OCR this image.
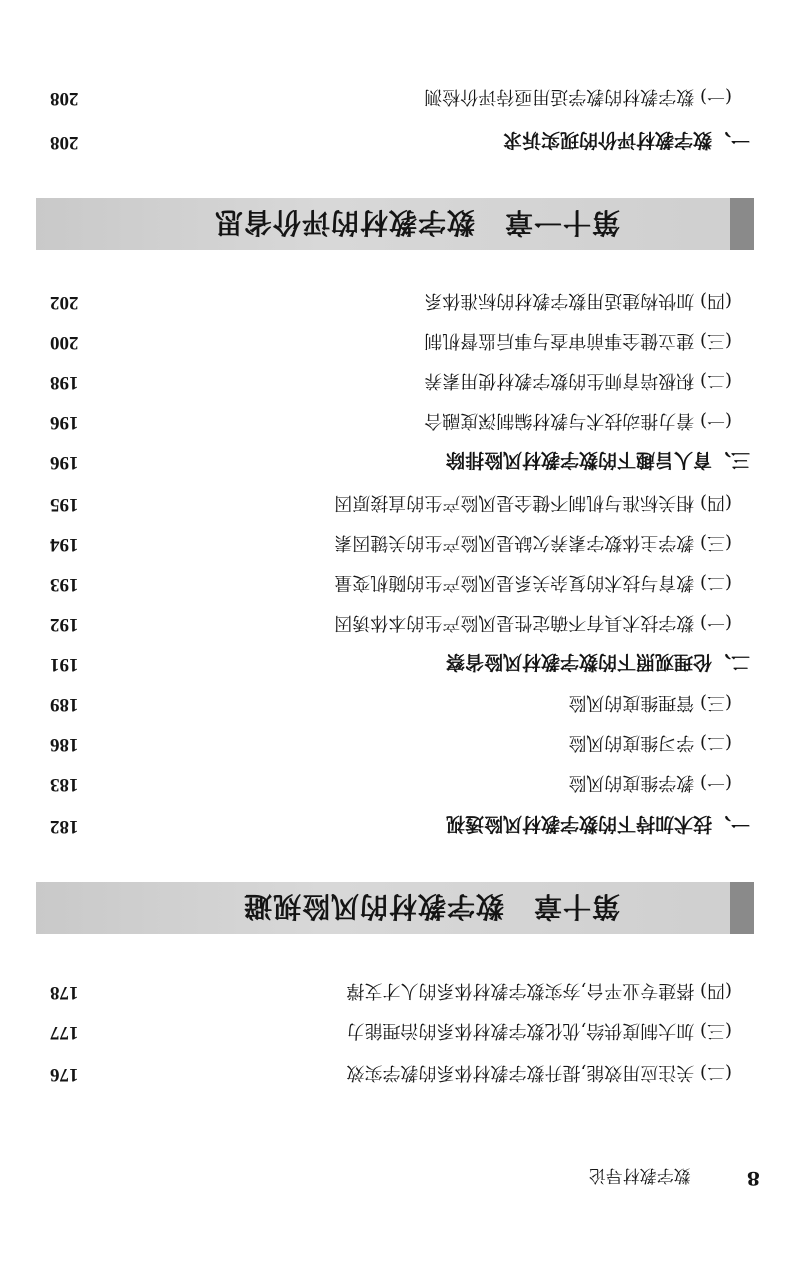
8
数字教材导论
(二) 关注应用效能,提升数字教材体系的教学实效
176
(三) 加大制度供给,优化数字教材体系的治理能力
177
(四) 搭建专业平台,夯实数字教材体系的人才支撑
178
第十章　数字教材的风险规避
一、技术加持下的数字教材风险透视
182
(一) 教学维度的风险
183
(二) 学习维度的风险
186
(三) 管理维度的风险
189
二、伦理观照下的数字教材风险省察
191
(一) 数字技术具有不确定性是风险产生的本体诱因
192
(二) 教育与技术的复杂关系是风险产生的随机变量
193
(三) 教学主体数字素养欠缺是风险产生的关键因素
194
(四) 相关标准与机制不健全是风险产生的直接原因
195
三、育人旨趣下的数字教材风险排除
196
(一) 着力推动技术与教材编制深度融合
196
(二) 积极培育师生的数字教材使用素养
198
(三) 建立健全事前审查与事后监督机制
200
(四) 加快构建适用数字教材的标准体系
202
第十一章　数字教材的评价省思
一、数字教材评价的现实诉求
208
(一) 数字教材的教学适用亟待评价检测
208
